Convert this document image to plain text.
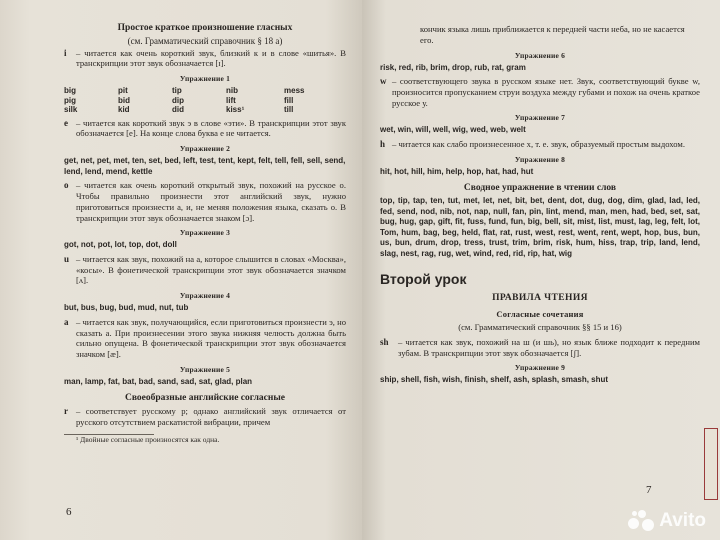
Простое краткое произношение гласных
(см. Грамматический справочник § 18 а)
i	– читается как очень короткий звук, близкий к и в слове «шитья». В транскрипции этот звук обозначается [ɪ].
Упражнение 1
big	pit	tip	nib	mess
pig	bid	dip	lift	fill
silk	kid	did	kiss¹	till
e – читается как короткий звук э в слове «эти». В транскрипции этот звук обозначается [e]. На конце слова буква е не читается.
Упражнение 2
get, net, pet, met, ten, set, bed, left, test, tent, kept, felt, tell, fell, sell, send, lend, lend, mend, kettle
o – читается как очень короткий открытый звук, похожий на русское о. Чтобы правильно произнести этот английский звук, нужно приготовиться произнести а, и, не меняя положения языка, сказать о. В транскрипции этот звук обозначается знаком [ɔ].
Упражнение 3
got, not, pot, lot, top, dot, doll
u – читается как звук, похожий на а, которое слышится в словах «Москва», «косы». В фонетической транскрипции этот звук обозначается значком [ʌ].
Упражнение 4
but, bus, bug, bud, mud, nut, tub
a – читается как звук, получающийся, если приготовиться произнести э, но сказать а. При произнесении этого звука нижняя челюсть должна быть сильно опущена. В фонетической транскрипции этот звук обозначается значком [æ].
Упражнение 5
man, lamp, fat, bat, bad, sand, sad, sat, glad, plan
Своеобразные английские согласные
r – соответствует русскому р; однако английский звук отличается от русского отсутствием раскатистой вибрации, причем
¹ Двойные согласные произносятся как одна.
6
кончик языка лишь приближается к передней части неба, но не касается его.
Упражнение 6
risk, red, rib, brim, drop, rub, rat, gram
w – соответствующего звука в русском языке нет. Звук, соответствующий букве w, произносится пропусканием струи воздуха между губами и похож на очень краткое русское у.
Упражнение 7
wet, win, will, well, wig, wed, web, welt
h – читается как слабо произнесенное х, т. е. звук, образуемый простым выдохом.
Упражнение 8
hit, hot, hill, him, help, hop, hat, had, hut
Сводное упражнение в чтении слов
top, tip, tap, ten, tut, met, let, net, bit, bet, dent, dot, dug, dog, dim, glad, lad, led, fed, send, nod, nib, not, nap, null, fan, pin, lint, mend, man, men, had, bed, set, sat, bug, hug, gap, gift, fit, fuss, fund, fun, big, bell, sit, mist, list, must, lag, leg, felt, lot, Tom, hum, bag, beg, held, flat, rat, rust, west, rest, went, rent, wept, hop, bus, bun, us, bun, drum, drop, tress, trust, trim, brim, risk, hum, hiss, trap, trip, land, lend, slag, nest, rag, rug, wet, wind, red, rid, rip, hat, wig
Второй урок
ПРАВИЛА ЧТЕНИЯ
Согласные сочетания
(см. Грамматический справочник §§ 15 и 16)
sh	– читается как звук, похожий на ш (и шь), но язык ближе подходит к передним зубам. В транскрипции этот звук обозначается [ʃ].
Упражнение 9
ship, shell, fish, wish, finish, shelf, ash, splash, smash, shut
7
Avito
